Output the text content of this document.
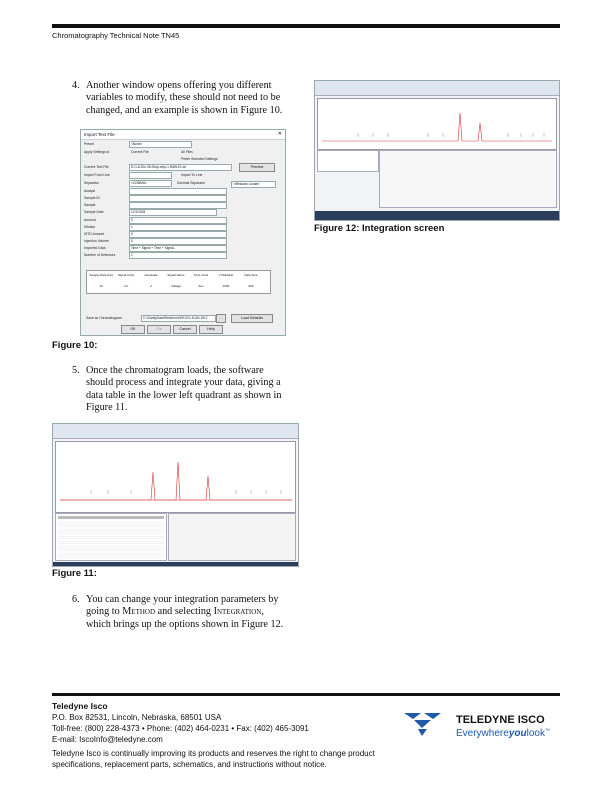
Chromatography Technical Note TN45
4. Another window opens offering you different
variables to modify, these should not need to be
changed, and an example is shown in Figure 10.
Import Text File	✕
Preset	<None>
Apply Settings to	Current File
Current Text File	D:\1-8-20c-05-Shop-smp-1.RAW.E1.txt
Import From Line
Separator	<COMMA>
Analyst
Sample ID
Sample
Sample Date	12 5/2018
Amount	0
Dilution	1
ISTD Amount	0
Injection Volume	0
Imported Data	Time + Signal + Time + Signal...
Number of Detectors	1
All Files
Prefer Selected Settings
Preview
Import To Line
Decimal Separator	<Windows Locale>
Sample Rate [Hz]	Signal Units	Autoscale	Signal Name	Time Units	Y Multiplier	Data Size
10	mV	✔	Voltage	Sec	1000	500
Save as Chromatogram	C:\Clarity\DataFiles\from\f1\E1\V1-8-20c-05-C	…	Load Defaults
OK	File	Cancel	Help
Figure 10:
5. Once the chromatogram loads, the software
should process and integrate your data, giving a
data table in the lower left quadrant as shown in
Figure 11.
Figure 11:
6. You can change your integration parameters by
going to Method and selecting Integration,
which brings up the options shown in Figure 12.
Figure 12: Integration screen
Teledyne Isco
P.O. Box 82531, Lincoln, Nebraska, 68501 USA
Toll-free: (800) 228-4373 • Phone: (402) 464-0231 • Fax: (402) 465-3091
E-mail: IscoInfo@teledyne.com
Teledyne Isco is continually improving its products and reserves the right to change product
specifications, replacement parts, schematics, and instructions without notice.
TELEDYNE ISCO
Everywhereyoulook™
